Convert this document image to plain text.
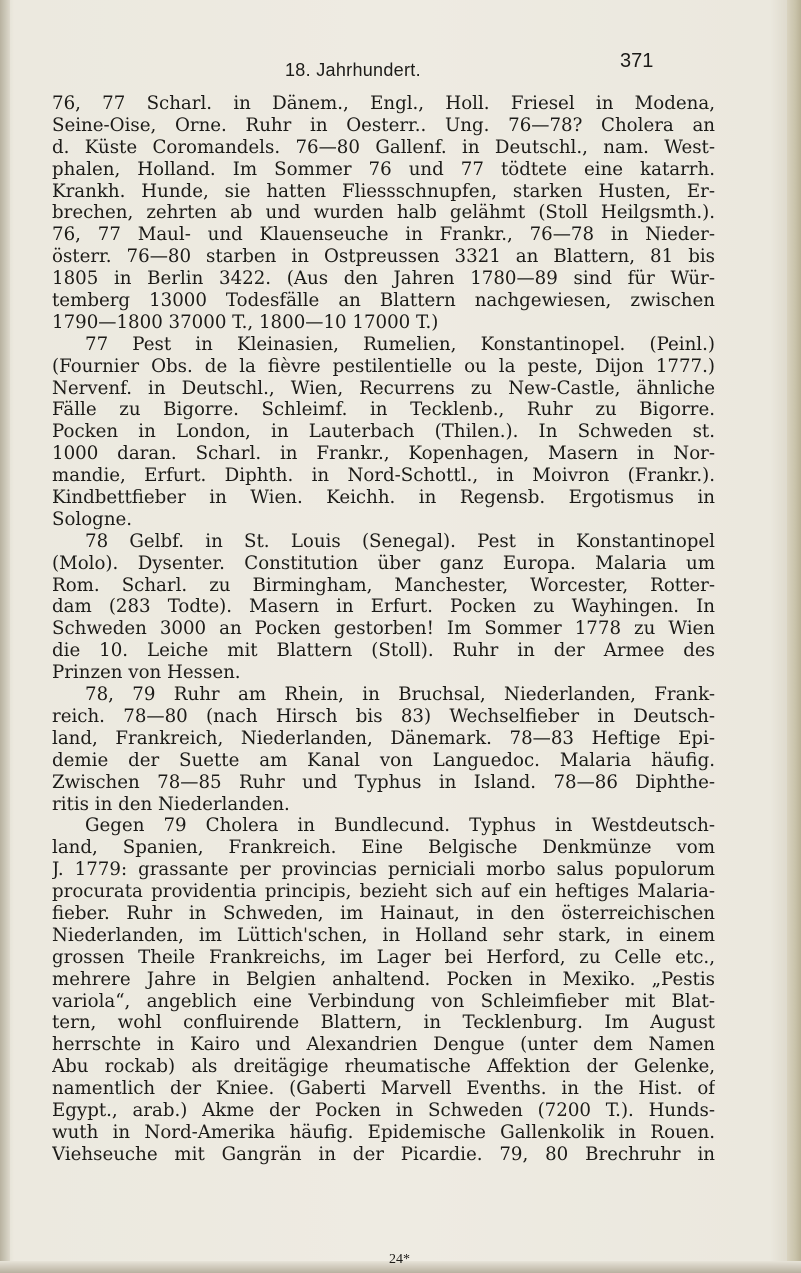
18. Jahrhundert.	371
76, 77 Scharl. in Dänem., Engl., Holl. Friesel in Modena,
Seine-Oise, Orne. Ruhr in Oesterr.. Ung. 76—78? Cholera an
d. Küste Coromandels. 76—80 Gallenf. in Deutschl., nam. West-
phalen, Holland. Im Sommer 76 und 77 tödtete eine katarrh.
Krankh. Hunde, sie hatten Fliessschnupfen, starken Husten, Er-
brechen, zehrten ab und wurden halb gelähmt (Stoll Heilgsmth.).
76, 77 Maul- und Klauenseuche in Frankr., 76—78 in Nieder-
österr. 76—80 starben in Ostpreussen 3321 an Blattern, 81 bis
1805 in Berlin 3422. (Aus den Jahren 1780—89 sind für Wür-
temberg 13000 Todesfälle an Blattern nachgewiesen, zwischen
1790—1800 37000 T., 1800—10 17000 T.)
77 Pest in Kleinasien, Rumelien, Konstantinopel. (Peinl.)
(Fournier Obs. de la fièvre pestilentielle ou la peste, Dijon 1777.)
Nervenf. in Deutschl., Wien, Recurrens zu New-Castle, ähnliche
Fälle zu Bigorre. Schleimf. in Tecklenb., Ruhr zu Bigorre.
Pocken in London, in Lauterbach (Thilen.). In Schweden st.
1000 daran. Scharl. in Frankr., Kopenhagen, Masern in Nor-
mandie, Erfurt. Diphth. in Nord-Schottl., in Moivron (Frankr.).
Kindbettfieber in Wien. Keichh. in Regensb. Ergotismus in
Sologne.
78 Gelbf. in St. Louis (Senegal). Pest in Konstantinopel
(Molo). Dysenter. Constitution über ganz Europa. Malaria um
Rom. Scharl. zu Birmingham, Manchester, Worcester, Rotter-
dam (283 Todte). Masern in Erfurt. Pocken zu Wayhingen. In
Schweden 3000 an Pocken gestorben! Im Sommer 1778 zu Wien
die 10. Leiche mit Blattern (Stoll). Ruhr in der Armee des
Prinzen von Hessen.
78, 79 Ruhr am Rhein, in Bruchsal, Niederlanden, Frank-
reich. 78—80 (nach Hirsch bis 83) Wechselfieber in Deutsch-
land, Frankreich, Niederlanden, Dänemark. 78—83 Heftige Epi-
demie der Suette am Kanal von Languedoc. Malaria häufig.
Zwischen 78—85 Ruhr und Typhus in Island. 78—86 Diphthe-
ritis in den Niederlanden.
Gegen 79 Cholera in Bundlecund. Typhus in Westdeutsch-
land, Spanien, Frankreich. Eine Belgische Denkmünze vom
J. 1779: grassante per provincias perniciali morbo salus populorum
procurata providentia principis, bezieht sich auf ein heftiges Malaria-
fieber. Ruhr in Schweden, im Hainaut, in den österreichischen
Niederlanden, im Lüttich'schen, in Holland sehr stark, in einem
grossen Theile Frankreichs, im Lager bei Herford, zu Celle etc.,
mehrere Jahre in Belgien anhaltend. Pocken in Mexiko. „Pestis
variola“, angeblich eine Verbindung von Schleimfieber mit Blat-
tern, wohl confluirende Blattern, in Tecklenburg. Im August
herrschte in Kairo und Alexandrien Dengue (unter dem Namen
Abu rockab) als dreitägige rheumatische Affektion der Gelenke,
namentlich der Kniee. (Gaberti Marvell Evenths. in the Hist. of
Egypt., arab.) Akme der Pocken in Schweden (7200 T.). Hunds-
wuth in Nord-Amerika häufig. Epidemische Gallenkolik in Rouen.
Viehseuche mit Gangrän in der Picardie. 79, 80 Brechruhr in
24*
